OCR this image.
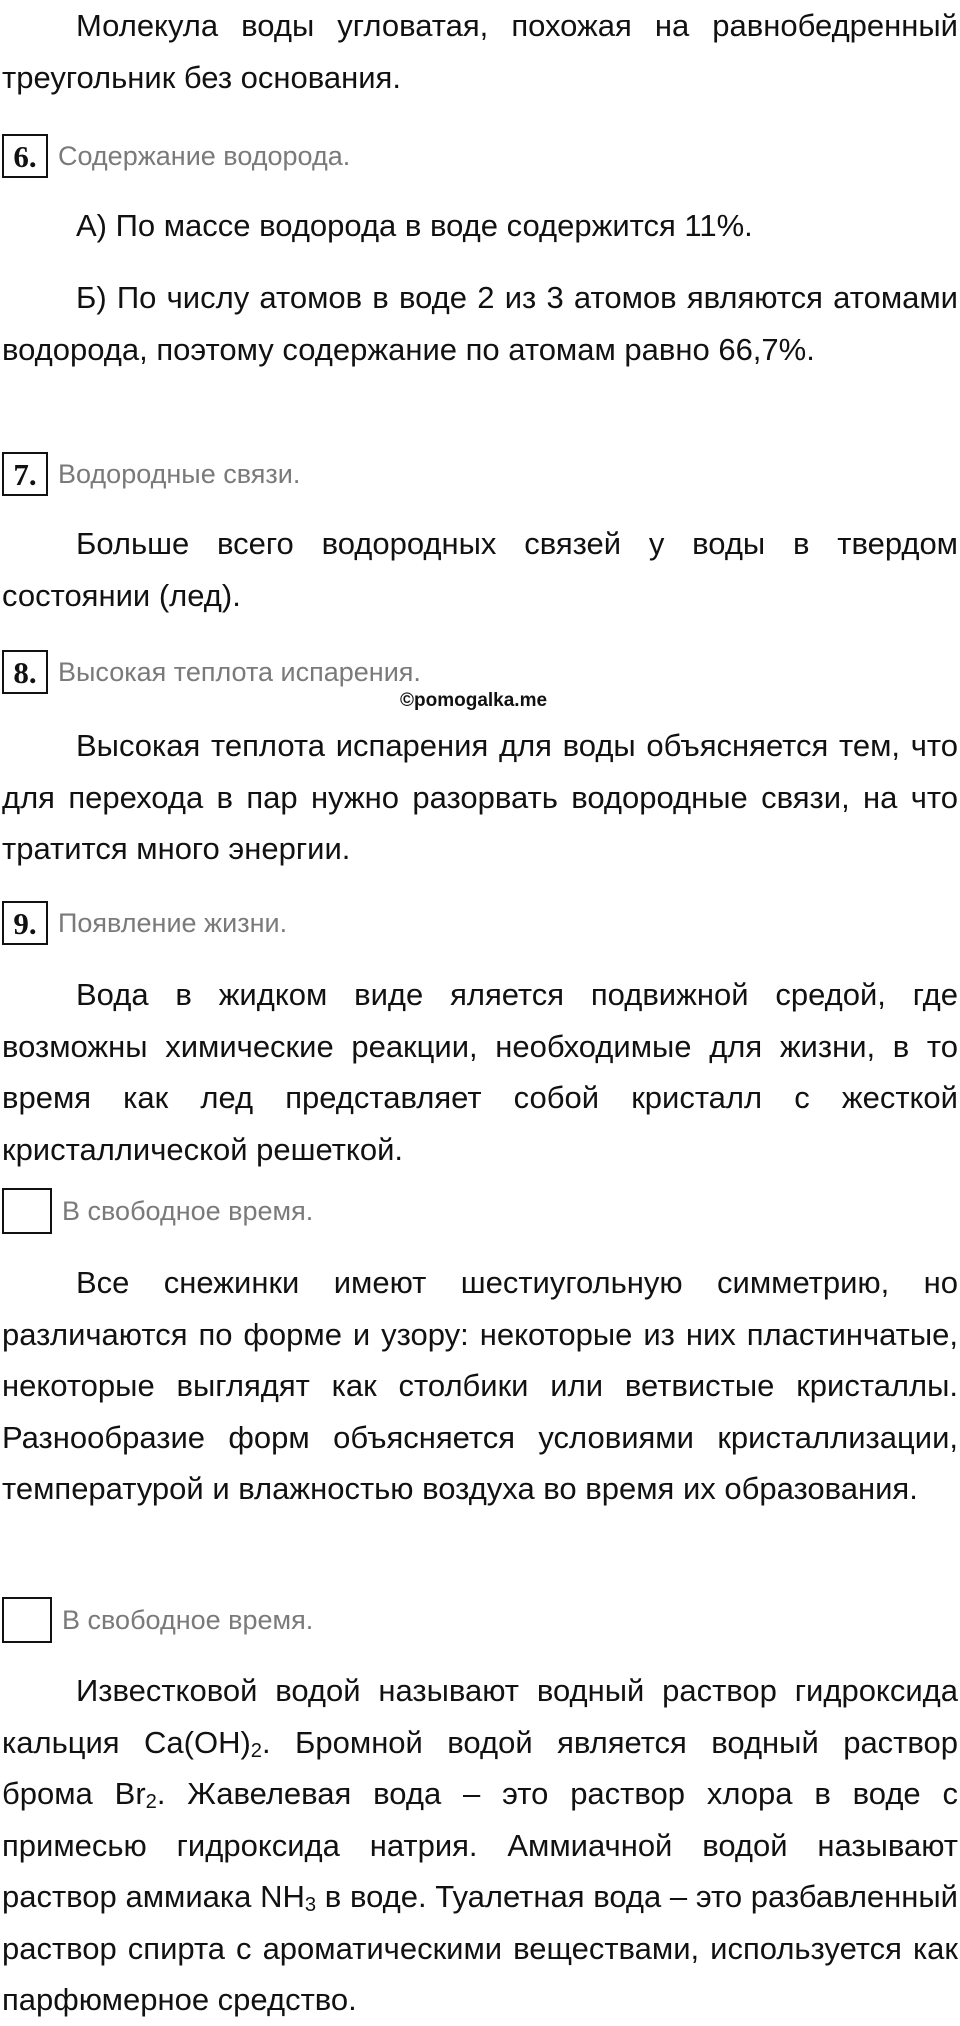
Молекула воды угловатая, похожая на равнобедренный треугольник без основания.

6. Содержание водорода.

А) По массе водорода в воде содержится 11%.

Б) По числу атомов в воде 2 из 3 атомов являются атомами водорода, поэтому содержание по атомам равно 66,7%.

7. Водородные связи.

Больше всего водородных связей у воды в твердом состоянии (лед).

8. Высокая теплота испарения.
©pomogalka.me

Высокая теплота испарения для воды объясняется тем, что для перехода в пар нужно разорвать водородные связи, на что тратится много энергии.

9. Появление жизни.

Вода в жидком виде яляется подвижной средой, где возможны химические реакции, необходимые для жизни, в то время как лед представляет собой кристалл с жесткой кристаллической решеткой.

В свободное время.

Все снежинки имеют шестиугольную симметрию, но различаются по форме и узору: некоторые из них пластинчатые, некоторые выглядят как столбики или ветвистые кристаллы. Разнообразие форм объясняется условиями кристаллизации, температурой и влажностью воздуха во время их образования.

В свободное время.

Известковой водой называют водный раствор гидроксида кальция $Ca(OH)_2$. Бромной водой является водный раствор брома $Br_2$. Жавелевая вода – это раствор хлора в воде с примесью гидроксида натрия. Аммиачной водой называют раствор аммиака $NH_3$ в воде. Туалетная вода – это разбавленный раствор спирта с ароматическими веществами, используется как парфюмерное средство.
